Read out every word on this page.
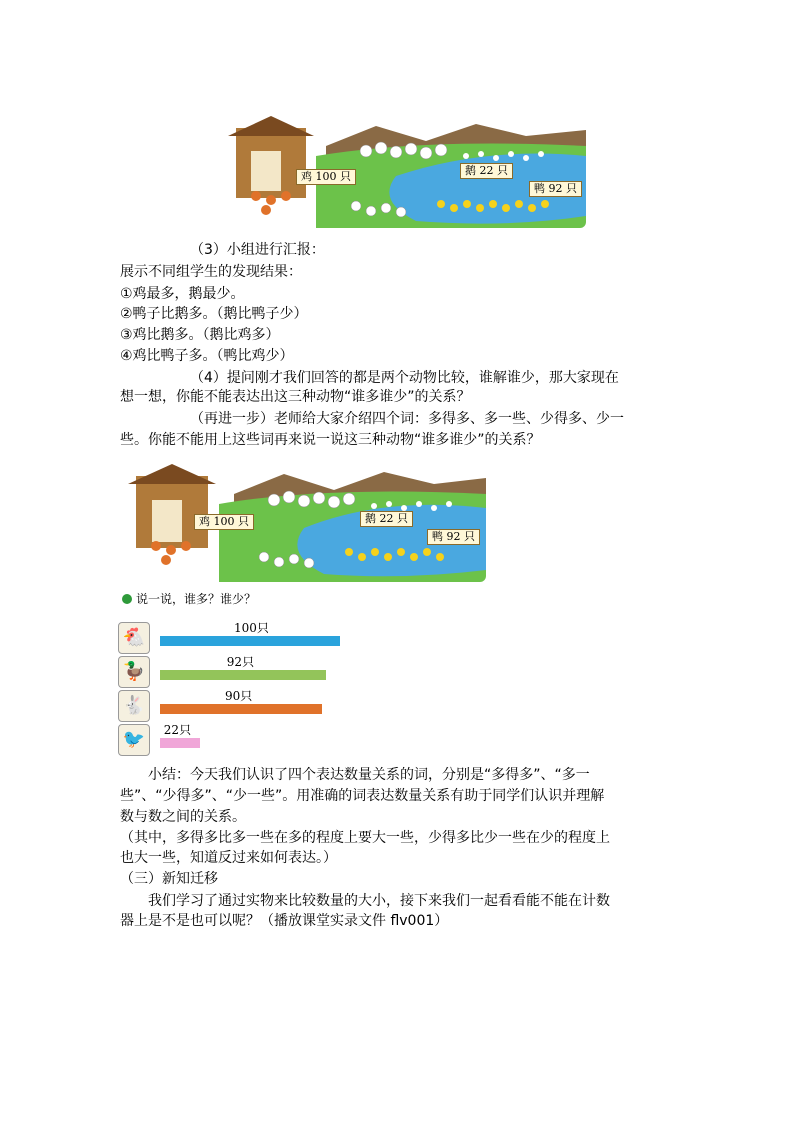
鸡 100 只	鹅 22 只
鸭 92 只
（3）小组进行汇报：
展示不同组学生的发现结果：
①鸡最多，鹅最少。
②鸭子比鹅多。（鹅比鸭子少）
③鸡比鹅多。（鹅比鸡多）
④鸡比鸭子多。（鸭比鸡少）
（4）提问刚才我们回答的都是两个动物比较，谁解谁少，那大家现在
想一想，你能不能表达出这三种动物“谁多谁少”的关系？
（再进一步）老师给大家介绍四个词：多得多、多一些、少得多、少一
些。你能不能用上这些词再来说一说这三种动物“谁多谁少”的关系？
鸡 100 只	鹅 22 只
鸭 92 只
说一说，谁多？谁少？
🐔	100只
🦆	92只
🐇	90只
🐦	22只
小结：今天我们认识了四个表达数量关系的词，分别是“多得多”、“多一
些”、“少得多”、“少一些”。用准确的词表达数量关系有助于同学们认识并理解
数与数之间的关系。
（其中，多得多比多一些在多的程度上要大一些，少得多比少一些在少的程度上
也大一些，知道反过来如何表达。）
（三）新知迁移
我们学习了通过实物来比较数量的大小，接下来我们一起看看能不能在计数
器上是不是也可以呢？（播放课堂实录文件 flv001）
